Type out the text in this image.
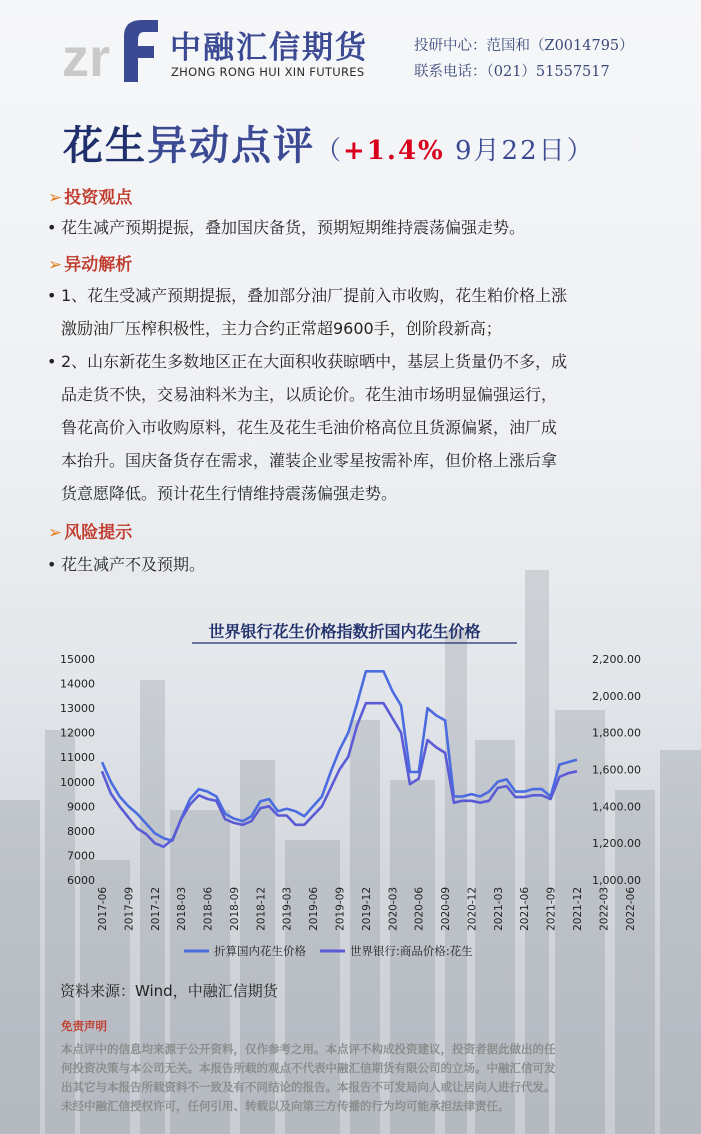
zr 中融汇信期货
ZHONG RONG HUI XIN FUTURES
投研中心：范国和（Z0014795）
联系电话：（021）51557517
花生异动点评（+1.4% 9月22日）
➢ 投资观点
• 花生减产预期提振，叠加国庆备货，预期短期维持震荡偏强走势。
➢ 异动解析
• 1、花生受减产预期提振，叠加部分油厂提前入市收购，花生粕价格上涨
激励油厂压榨积极性，主力合约正常超9600手，创阶段新高；
• 2、山东新花生多数地区正在大面积收获晾晒中，基层上货量仍不多，成
品走货不快，交易油料米为主，以质论价。花生油市场明显偏强运行，
鲁花高价入市收购原料，花生及花生毛油价格高位且货源偏紧，油厂成
本抬升。国庆备货存在需求，灌装企业零星按需补库，但价格上涨后拿
货意愿降低。预计花生行情维持震荡偏强走势。
➢ 风险提示
• 花生减产不及预期。
世界银行花生价格指数折国内花生价格
15000
14000
13000
12000
11000
10000
9000
8000
7000
6000
2,200.00
2,000.00
1,800.00
1,600.00
1,400.00
1,200.00
1,000.00
2017-06 2017-09 2017-12 2018-03 2018-06 2018-09 2018-12 2019-03 2019-06 2019-09 2019-12 2020-03 2020-06 2020-09 2020-12 2021-03 2021-06 2021-09 2021-12 2022-03 2022-06
折算国内花生价格	世界银行:商品价格:花生
资料来源：Wind，中融汇信期货
免责声明
本点评中的信息均来源于公开资料，仅作参考之用。本点评不构成投资建议，投资者据此做出的任
何投资决策与本公司无关。本报告所载的观点不代表中融汇信期货有限公司的立场。中融汇信可发
出其它与本报告所载资料不一致及有不同结论的报告。本报告不可发局向人或让居向人进行代发。
未经中融汇信授权许可，任何引用、转载以及向第三方传播的行为均可能承担法律责任。
